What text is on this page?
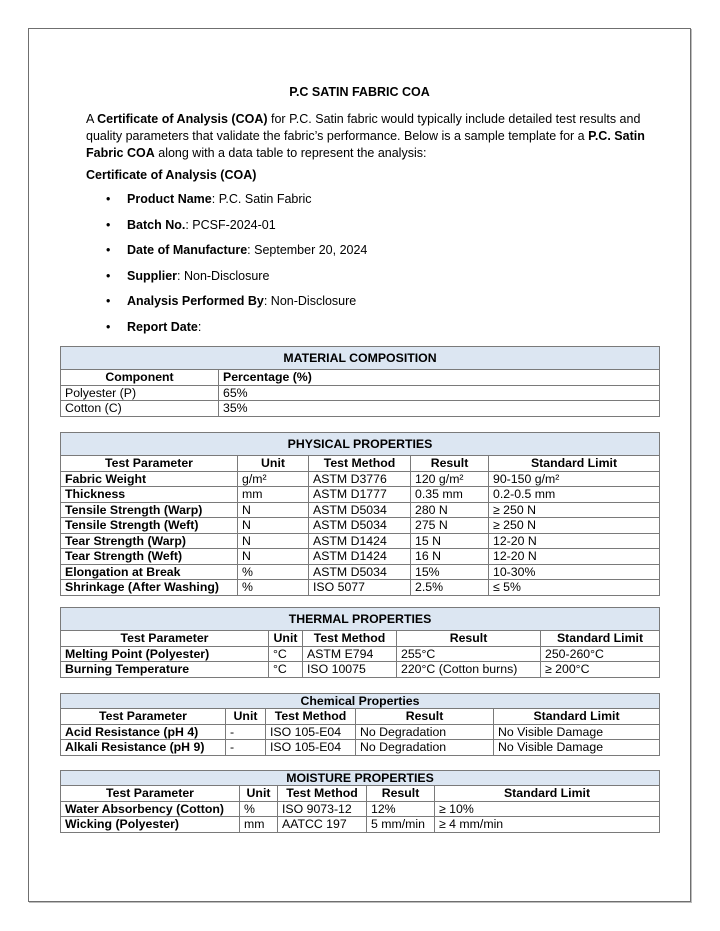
P.C SATIN FABRIC COA
A Certificate of Analysis (COA) for P.C. Satin fabric would typically include detailed test results and quality parameters that validate the fabric’s performance. Below is a sample template for a P.C. Satin Fabric COA along with a data table to represent the analysis:
Certificate of Analysis (COA)
• Product Name: P.C. Satin Fabric
• Batch No.: PCSF-2024-01
• Date of Manufacture: September 20, 2024
• Supplier: Non-Disclosure
• Analysis Performed By: Non-Disclosure
• Report Date:
MATERIAL COMPOSITION	
Component	Percentage (%)
Polyester (P)	65%
Cotton (C)	35%
PHYSICAL PROPERTIES				
Test Parameter	Unit	Test Method	Result	Standard Limit
Fabric Weight	g/m²	ASTM D3776	120 g/m²	90-150 g/m²
Thickness	mm	ASTM D1777	0.35 mm	0.2-0.5 mm
Tensile Strength (Warp)	N	ASTM D5034	280 N	≥ 250 N
Tensile Strength (Weft)	N	ASTM D5034	275 N	≥ 250 N
Tear Strength (Warp)	N	ASTM D1424	15 N	12-20 N
Tear Strength (Weft)	N	ASTM D1424	16 N	12-20 N
Elongation at Break	%	ASTM D5034	15%	10-30%
Shrinkage (After Washing)	%	ISO 5077	2.5%	≤ 5%
THERMAL PROPERTIES				
Test Parameter	Unit	Test Method	Result	Standard Limit
Melting Point (Polyester)	°C	ASTM E794	255°C	250-260°C
Burning Temperature	°C	ISO 10075	220°C (Cotton burns)	≥ 200°C
Chemical Properties				
Test Parameter	Unit	Test Method	Result	Standard Limit
Acid Resistance (pH 4)	-	ISO 105-E04	No Degradation	No Visible Damage
Alkali Resistance (pH 9)	-	ISO 105-E04	No Degradation	No Visible Damage
MOISTURE PROPERTIES				
Test Parameter	Unit	Test Method	Result	Standard Limit
Water Absorbency (Cotton)	%	ISO 9073-12	12%	≥ 10%
Wicking (Polyester)	mm	AATCC 197	5 mm/min	≥ 4 mm/min
